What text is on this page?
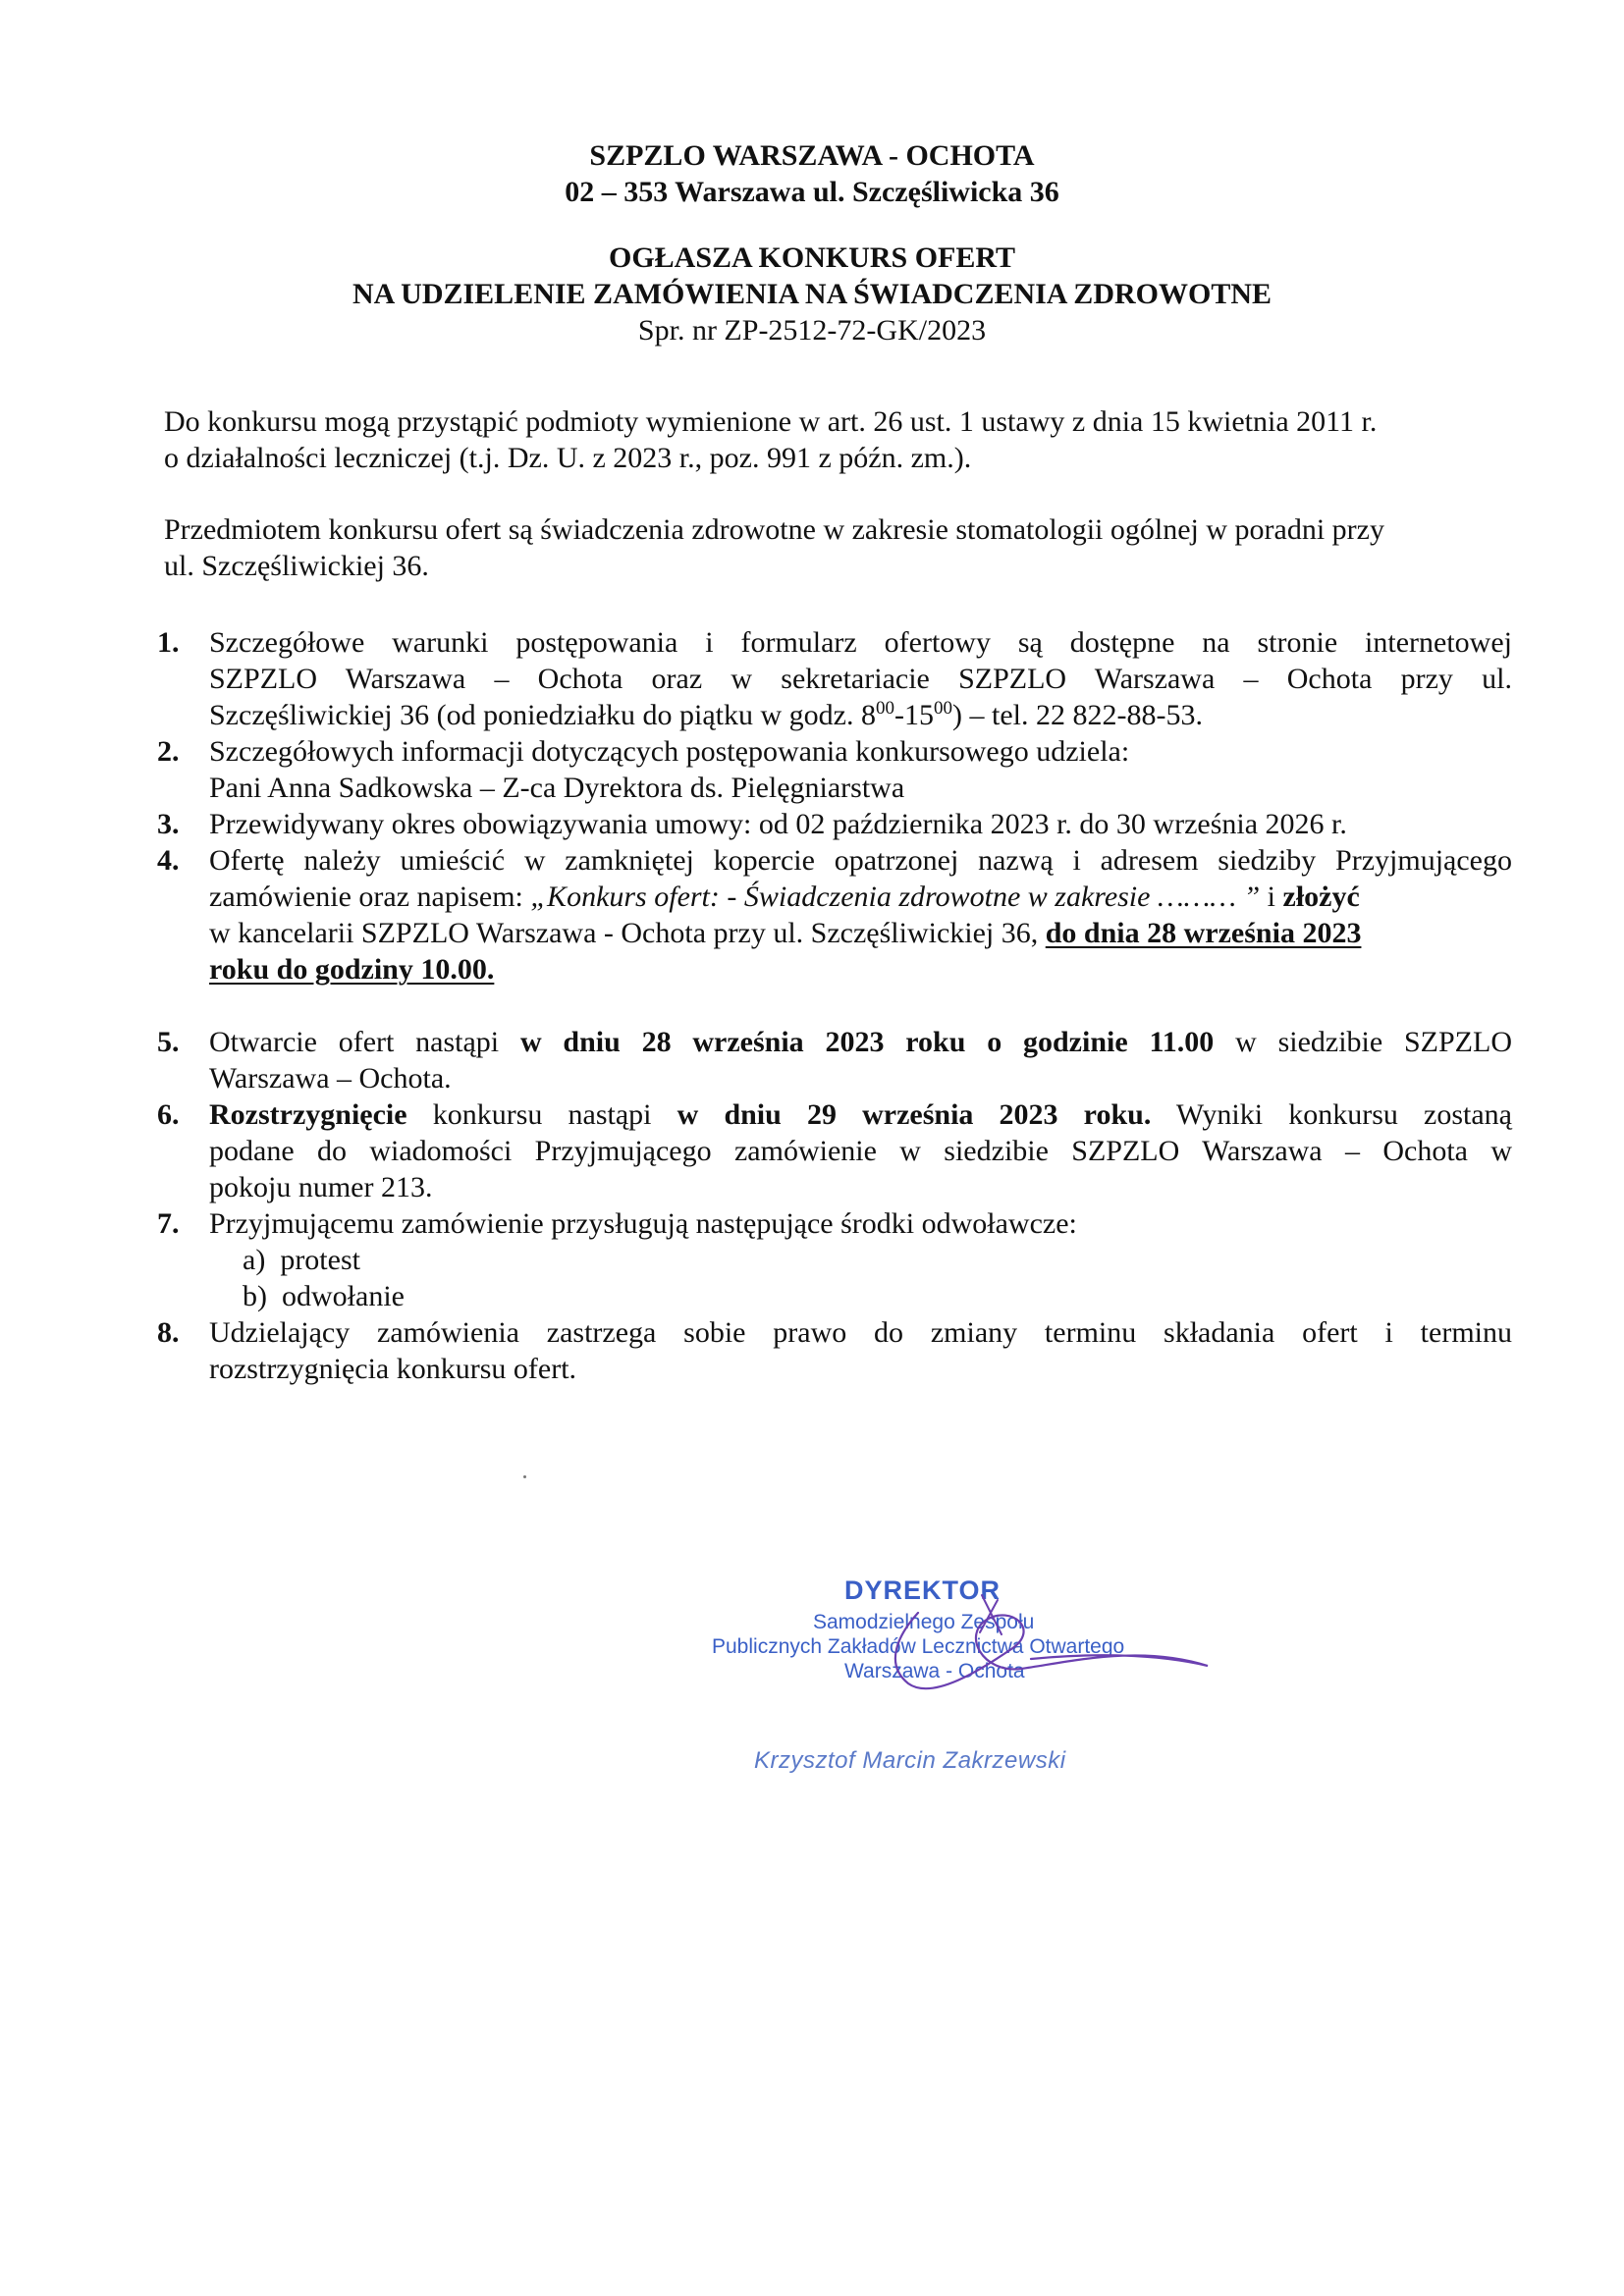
SZPZLO WARSZAWA - OCHOTA
02 – 353 Warszawa ul. Szczęśliwicka 36
OGŁASZA KONKURS OFERT
NA UDZIELENIE ZAMÓWIENIA NA ŚWIADCZENIA ZDROWOTNE
Spr. nr ZP-2512-72-GK/2023
Do konkursu mogą przystąpić podmioty wymienione w art. 26 ust. 1 ustawy z dnia 15 kwietnia 2011 r.
o działalności leczniczej (t.j. Dz. U. z 2023 r., poz. 991 z późn. zm.).
Przedmiotem konkursu ofert są świadczenia zdrowotne w zakresie stomatologii ogólnej w poradni przy
ul. Szczęśliwickiej 36.
1. Szczegółowe warunki postępowania i formularz ofertowy są dostępne na stronie internetowej
SZPZLO Warszawa – Ochota oraz w sekretariacie SZPZLO Warszawa – Ochota przy ul.
Szczęśliwickiej 36 (od poniedziałku do piątku w godz. $8^{00}-15^{00}$) – tel. 22 822-88-53.
2. Szczegółowych informacji dotyczących postępowania konkursowego udziela:
Pani Anna Sadkowska – Z-ca Dyrektora ds. Pielęgniarstwa
3. Przewidywany okres obowiązywania umowy: od 02 października 2023 r. do 30 września 2026 r.
4. Ofertę należy umieścić w zamkniętej kopercie opatrzonej nazwą i adresem siedziby Przyjmującego
zamówienie oraz napisem: „Konkurs ofert: - Świadczenia zdrowotne w zakresie ……… ” i złożyć
w kancelarii SZPZLO Warszawa - Ochota przy ul. Szczęśliwickiej 36, do dnia 28 września 2023
roku do godziny 10.00.
5. Otwarcie ofert nastąpi w dniu 28 września 2023 roku o godzinie 11.00 w siedzibie SZPZLO
Warszawa – Ochota.
6. Rozstrzygnięcie konkursu nastąpi w dniu 29 września 2023 roku. Wyniki konkursu zostaną
podane do wiadomości Przyjmującego zamówienie w siedzibie SZPZLO Warszawa – Ochota w
pokoju numer 213.
7. Przyjmującemu zamówienie przysługują następujące środki odwoławcze:
a) protest
b) odwołanie
8. Udzielający zamówienia zastrzega sobie prawo do zmiany terminu składania ofert i terminu
rozstrzygnięcia konkursu ofert.
DYREKTOR
Samodzielnego Zespołu
Publicznych Zakładów Lecznictwa Otwartego
Warszawa - Ochota
Krzysztof Marcin Zakrzewski
